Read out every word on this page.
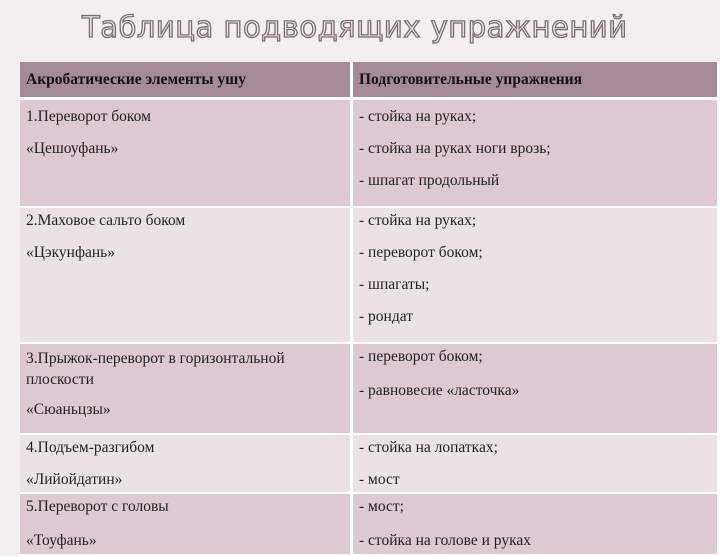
Таблица подводящих упражнений
Акробатические элементы ушу	Подготовительные упражнения

1.Переворот боком
«Цешоуфань»	- стойка на руках;
- стойка на руках ноги врозь;
- шпагат продольный

2.Маховое сальто боком
«Цэкунфань»	- стойка на руках;
- переворот боком;
- шпагаты;
- рондат

3.Прыжок-переворот в горизонтальной плоскости
«Сюаньцзы»	- переворот боком;
- равновесие «ласточка»

4.Подъем-разгибом
«Лийойдатин»	- стойка на лопатках;
- мост

5.Переворот с головы
«Тоуфань»	- мост;
- стойка на голове и руках
